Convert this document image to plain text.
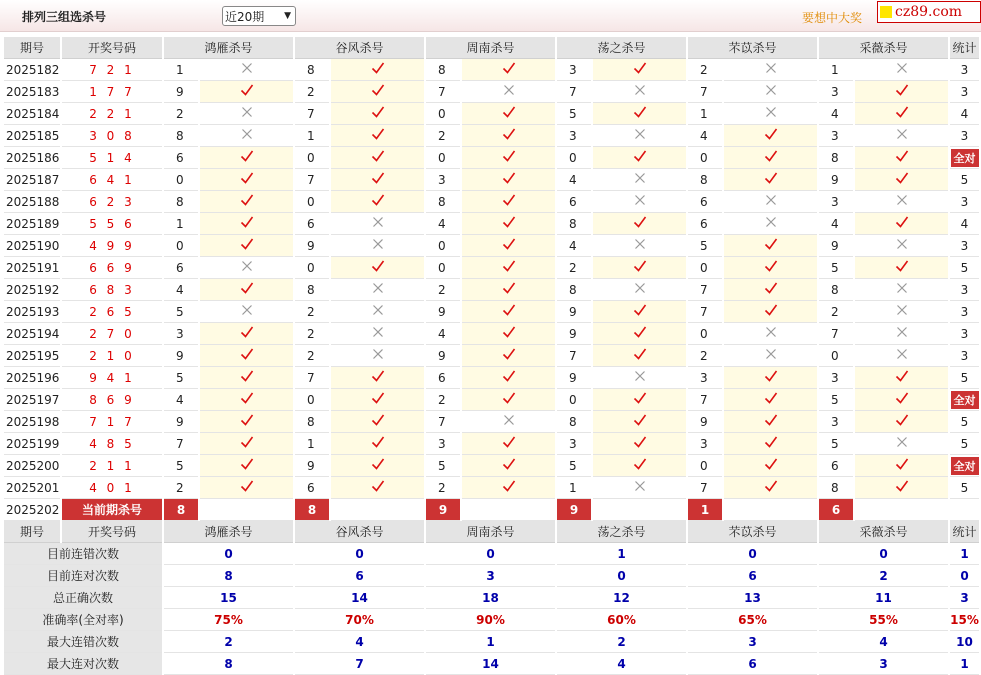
排列三组选杀号	近20期 ▼	要想中大奖 cz89.com
期号	开奖号码	鸿雁杀号		谷风杀号		周南杀号		荡之杀号		芣苡杀号		采薇杀号		统计
2025182	7 2 1	1		8		8		3		2		1		3
2025183	1 7 7	9		2		7		7		7		3		3
2025184	2 2 1	2		7		0		5		1		4		4
2025185	3 0 8	8		1		2		3		4		3		3
2025186	5 1 4	6		0		0		0		0		8		全对
2025187	6 4 1	0		7		3		4		8		9		5
2025188	6 2 3	8		0		8		6		6		3		3
2025189	5 5 6	1		6		4		8		6		4		4
2025190	4 9 9	0		9		0		4		5		9		3
2025191	6 6 9	6		0		0		2		0		5		5
2025192	6 8 3	4		8		2		8		7		8		3
2025193	2 6 5	5		2		9		9		7		2		3
2025194	2 7 0	3		2		4		9		0		7		3
2025195	2 1 0	9		2		9		7		2		0		3
2025196	9 4 1	5		7		6		9		3		3		5
2025197	8 6 9	4		0		2		0		7		5		全对
2025198	7 1 7	9		8		7		8		9		3		5
2025199	4 8 5	7		1		3		3		3		5		5
2025200	2 1 1	5		9		5		5		0		6		全对
2025201	4 0 1	2		6		2		1		7		8		5
2025202	当前期杀号	8		8		9		9		1		6		
期号	开奖号码	鸿雁杀号		谷风杀号		周南杀号		荡之杀号		芣苡杀号		采薇杀号		统计
目前连错次数		0		0		0		1		0		0		1
目前连对次数		8		6		3		0		6		2		0
总正确次数		15		14		18		12		13		11		3
准确率(全对率)		75%		70%		90%		60%		65%		55%		15%
最大连错次数		2		4		1		2		3		4		10
最大连对次数		8		7		14		4		6		3		1
